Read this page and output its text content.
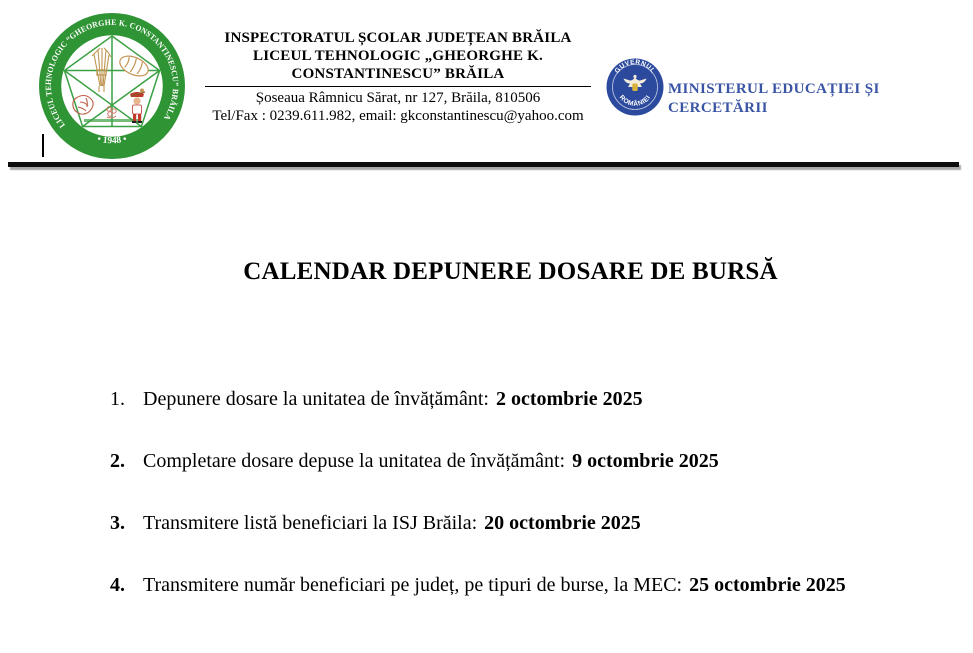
LICEUL TEHNOLOGIC “GHEORGHE K. CONSTANTINESCU” BRĂILA
• 1948 •
INSPECTORATUL ȘCOLAR JUDEȚEAN BRĂILA
LICEUL TEHNOLOGIC „GHEORGHE K.
CONSTANTINESCU” BRĂILA
Șoseaua Râmnicu Sărat, nr 127, Brăila, 810506
Tel/Fax : 0239.611.982, email: gkconstantinescu@yahoo.com
GUVERNUL
ROMÂNIEI
MINISTERUL EDUCAȚIEI ȘI CERCETĂRII
CALENDAR DEPUNERE DOSARE DE BURSĂ
1. Depunere dosare la unitatea de învățământ: 2 octombrie 2025
2. Completare dosare depuse la unitatea de învățământ: 9 octombrie 2025
3. Transmitere listă beneficiari la ISJ Brăila: 20 octombrie 2025
4. Transmitere număr beneficiari pe județ, pe tipuri de burse, la MEC: 25 octombrie 2025
